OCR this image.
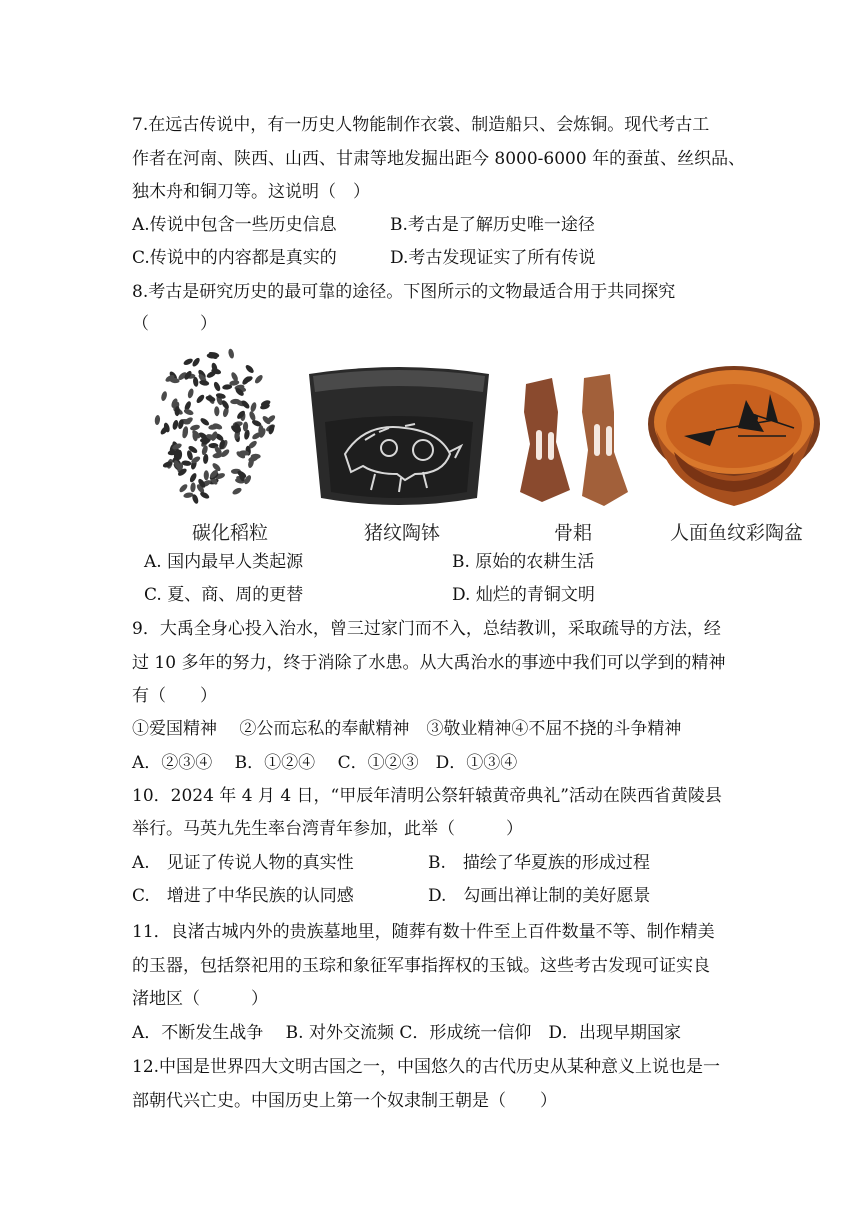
7.在远古传说中，有一历史人物能制作衣裳、制造船只、会炼铜。现代考古工
作者在河南、陕西、山西、甘肃等地发掘出距今 8000-6000 年的蚕茧、丝织品、
独木舟和铜刀等。这说明（　）
A.传说中包含一些历史信息	B.考古是了解历史唯一途径
C.传说中的内容都是真实的	D.考古发现证实了所有传说
8.考古是研究历史的最可靠的途径。下图所示的文物最适合用于共同探究
（　　　）
碳化稻粒	猪纹陶钵	骨耜	人面鱼纹彩陶盆
A. 国内最早人类起源	B. 原始的农耕生活
C. 夏、商、周的更替	D. 灿烂的青铜文明
9．大禹全身心投入治水，曾三过家门而不入，总结教训，采取疏导的方法，经
过 10 多年的努力，终于消除了水患。从大禹治水的事迹中我们可以学到的精神
有（　　）
①爱国精神　 ②公而忘私的奉献精神　③敬业精神④不屈不挠的斗争精神
A．②③④　 B．①②④　 C．①②③　D．①③④
10．2024 年 4 月 4 日，“甲辰年清明公祭轩辕黄帝典礼”活动在陕西省黄陵县
举行。马英九先生率台湾青年参加，此举（　　　）
A.　见证了传说人物的真实性	B.　描绘了华夏族的形成过程
C.　增进了中华民族的认同感	D.　勾画出禅让制的美好愿景
11．良渚古城内外的贵族墓地里，随葬有数十件至上百件数量不等、制作精美
的玉器，包括祭祀用的玉琮和象征军事指挥权的玉钺。这些考古发现可证实良
渚地区（　　　）
A．不断发生战争　 B. 对外交流频 C．形成统一信仰　D．出现早期国家
12.中国是世界四大文明古国之一，中国悠久的古代历史从某种意义上说也是一
部朝代兴亡史。中国历史上第一个奴隶制王朝是（　　）
